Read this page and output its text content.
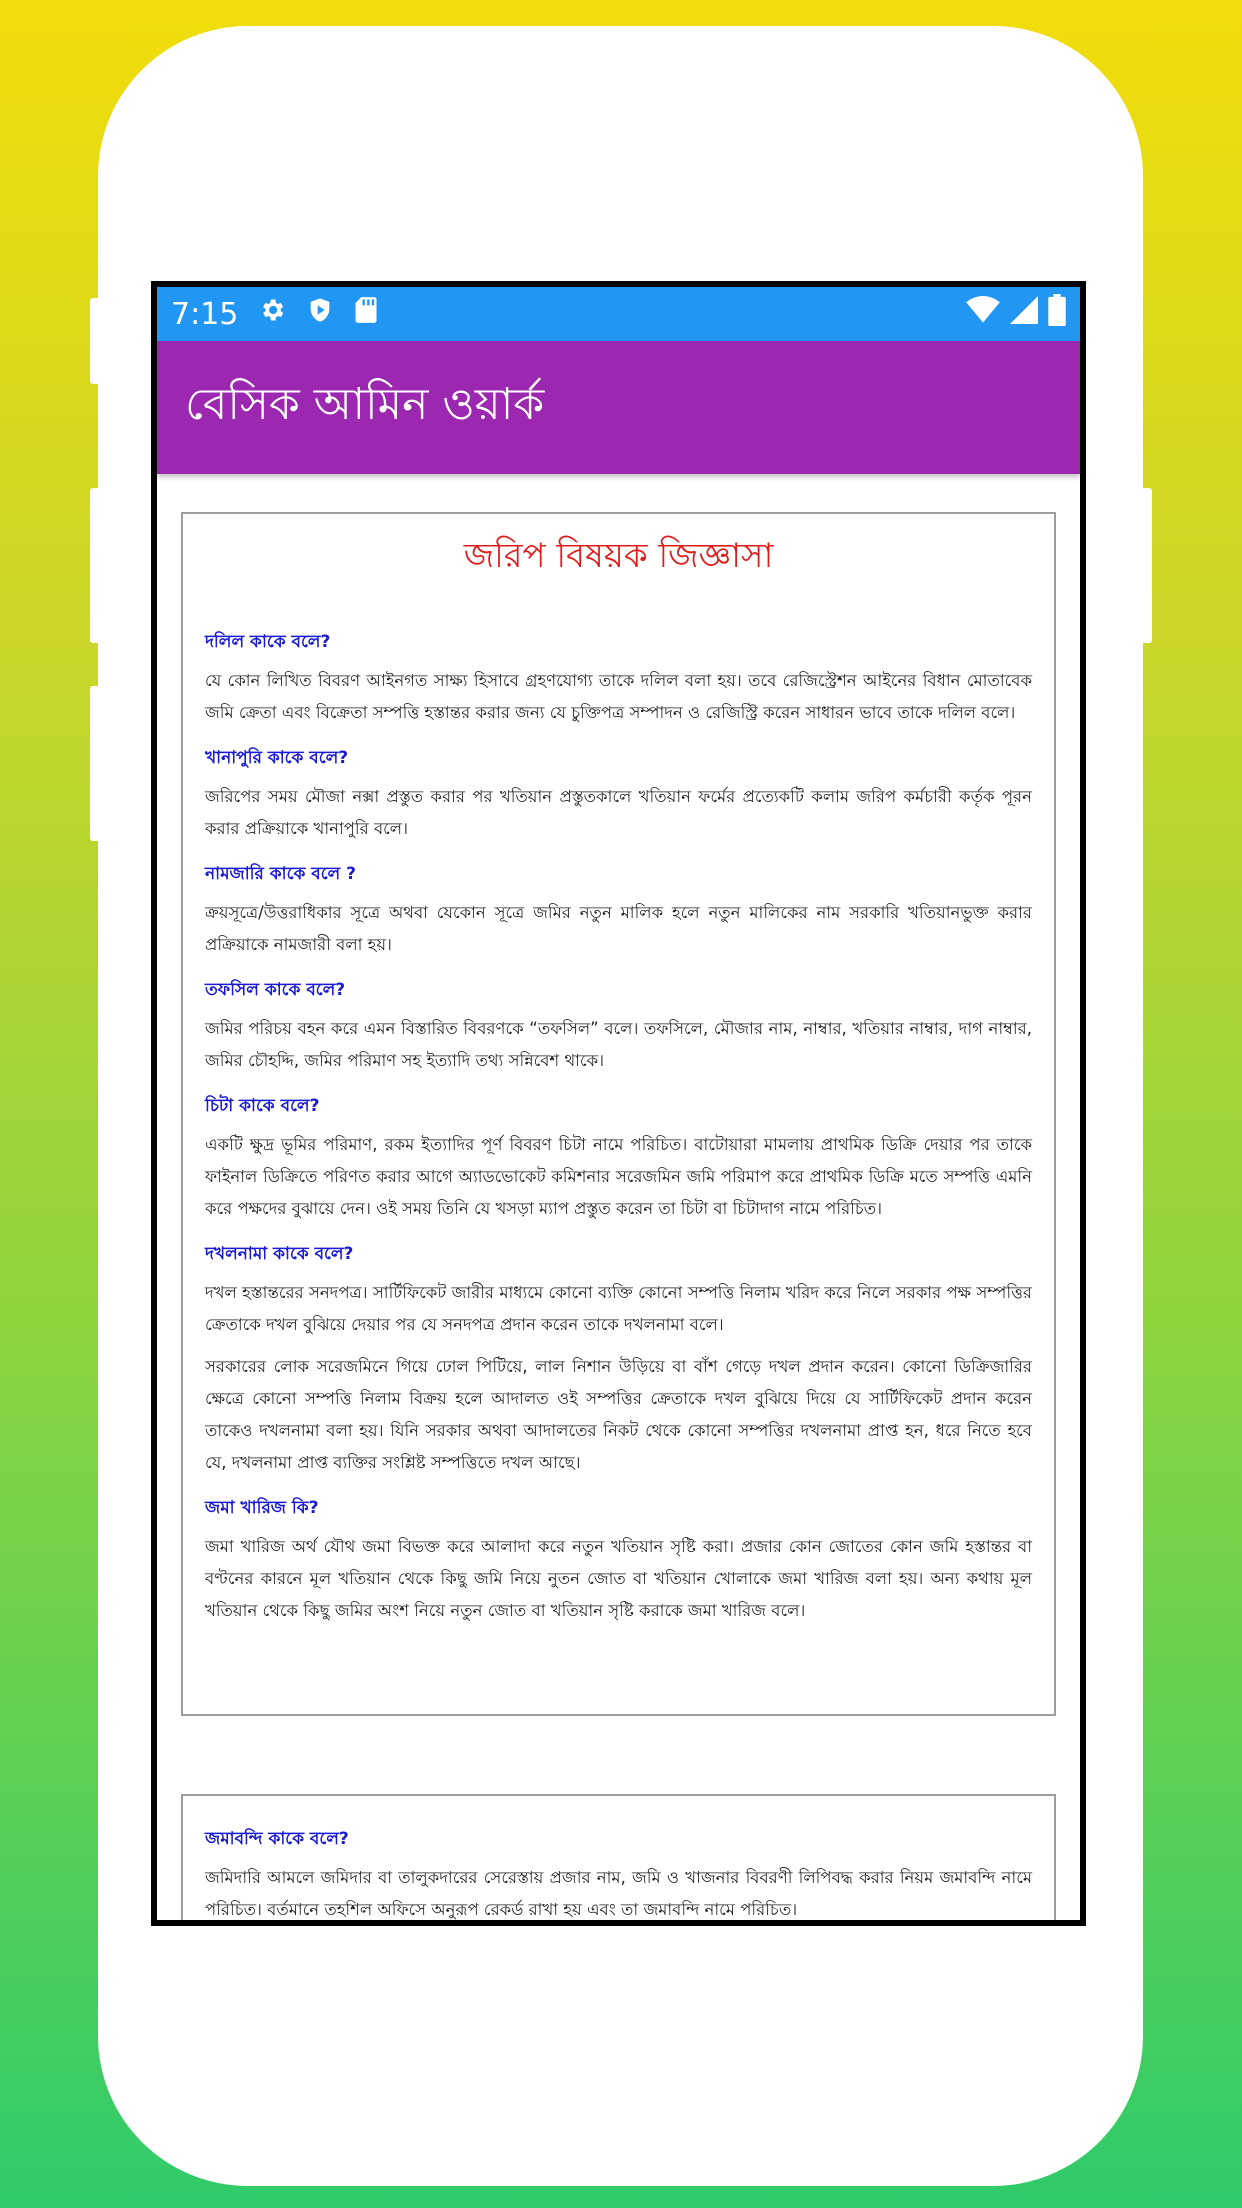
7:15
বেসিক আমিন ওয়ার্ক
জরিপ বিষয়ক জিজ্ঞাসা
দলিল কাকে বলে?

যে কোন লিখিত বিবরণ আইনগত সাক্ষ্য হিসাবে গ্রহণযোগ্য তাকে দলিল বলা হয়। তবে রেজিস্ট্রেশন আইনের বিধান মোতাবেক জমি ক্রেতা এবং বিক্রেতা সম্পত্তি হস্তান্তর করার জন্য যে চুক্তিপত্র সম্পাদন ও রেজিস্ট্রি করেন সাধারন ভাবে তাকে দলিল বলে।

খানাপুরি কাকে বলে?

জরিপের সময় মৌজা নক্সা প্রস্তুত করার পর খতিয়ান প্রস্তুতকালে খতিয়ান ফর্মের প্রত্যেকটি কলাম জরিপ কর্মচারী কর্তৃক পূরন করার প্রক্রিয়াকে খানাপুরি বলে।

নামজারি কাকে বলে ?

ক্রয়সূত্রে/উত্তরাধিকার সূত্রে অথবা যেকোন সূত্রে জমির নতুন মালিক হলে নতুন মালিকের নাম সরকারি খতিয়ানভুক্ত করার প্রক্রিয়াকে নামজারী বলা হয়।

তফসিল কাকে বলে?

জমির পরিচয় বহন করে এমন বিস্তারিত বিবরণকে “তফসিল” বলে। তফসিলে, মৌজার নাম, নাম্বার, খতিয়ার নাম্বার, দাগ নাম্বার, জমির চৌহদ্দি, জমির পরিমাণ সহ ইত্যাদি তথ্য সন্নিবেশ থাকে।

চিটা কাকে বলে?

একটি ক্ষুদ্র ভূমির পরিমাণ, রকম ইত্যাদির পূর্ণ বিবরণ চিটা নামে পরিচিত। বাটোয়ারা মামলায় প্রাথমিক ডিক্রি দেয়ার পর তাকে ফাইনাল ডিক্রিতে পরিণত করার আগে অ্যাডভোকেট কমিশনার সরেজমিন জমি পরিমাপ করে প্রাথমিক ডিক্রি মতে সম্পত্তি এমনি করে পক্ষদের বুঝায়ে দেন। ওই সময় তিনি যে খসড়া ম্যাপ প্রস্তুত করেন তা চিটা বা চিটাদাগ নামে পরিচিত।

দখলনামা কাকে বলে?

দখল হস্তান্তরের সনদপত্র। সার্টিফিকেট জারীর মাধ্যমে কোনো ব্যক্তি কোনো সম্পত্তি নিলাম খরিদ করে নিলে সরকার পক্ষ সম্পত্তির ক্রেতাকে দখল বুঝিয়ে দেয়ার পর যে সনদপত্র প্রদান করেন তাকে দখলনামা বলে।

সরকারের লোক সরেজমিনে গিয়ে ঢোল পিটিয়ে, লাল নিশান উড়িয়ে বা বাঁশ গেড়ে দখল প্রদান করেন। কোনো ডিক্রিজারির ক্ষেত্রে কোনো সম্পত্তি নিলাম বিক্রয় হলে আদালত ওই সম্পত্তির ক্রেতাকে দখল বুঝিয়ে দিয়ে যে সার্টিফিকেট প্রদান করেন তাকেও দখলনামা বলা হয়। যিনি সরকার অথবা আদালতের নিকট থেকে কোনো সম্পত্তির দখলনামা প্রাপ্ত হন, ধরে নিতে হবে যে, দখলনামা প্রাপ্ত ব্যক্তির সংশ্লিষ্ট সম্পত্তিতে দখল আছে।

জমা খারিজ কি?

জমা খারিজ অর্থ যৌথ জমা বিভক্ত করে আলাদা করে নতুন খতিয়ান সৃষ্টি করা। প্রজার কোন জোতের কোন জমি হস্তান্তর বা বণ্টনের কারনে মূল খতিয়ান থেকে কিছু জমি নিয়ে নুতন জোত বা খতিয়ান খোলাকে জমা খারিজ বলা হয়। অন্য কথায় মূল খতিয়ান থেকে কিছু জমির অংশ নিয়ে নতুন জোত বা খতিয়ান সৃষ্টি করাকে জমা খারিজ বলে।

জমাবন্দি কাকে বলে?

জমিদারি আমলে জমিদার বা তালুকদারের সেরেস্তায় প্রজার নাম, জমি ও খাজনার বিবরণী লিপিবদ্ধ করার নিয়ম জমাবন্দি নামে পরিচিত। বর্তমানে তহশিল অফিসে অনুরূপ রেকর্ড রাখা হয় এবং তা জমাবন্দি নামে পরিচিত।
